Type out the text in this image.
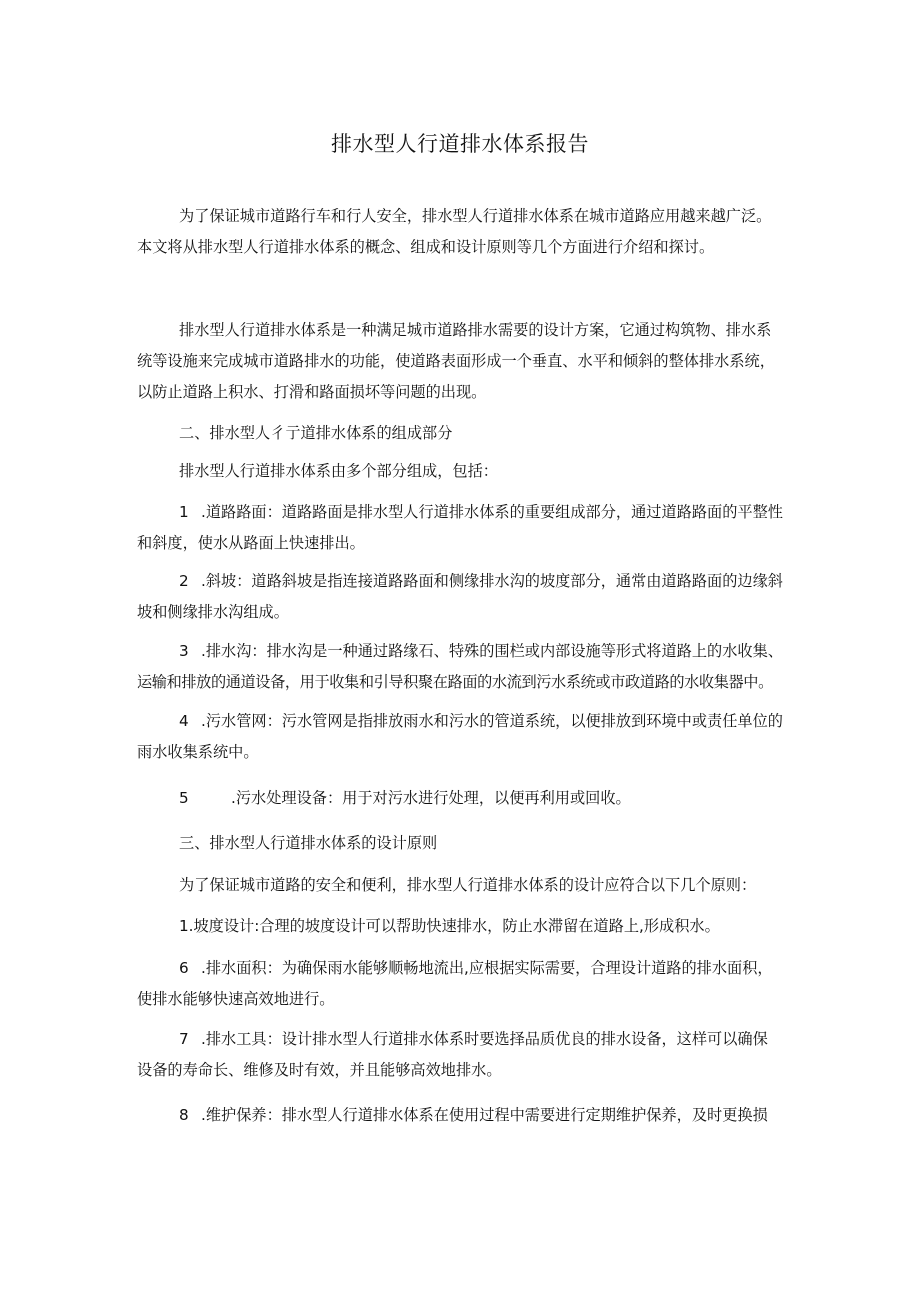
排水型人行道排水体系报告
为了保证城市道路行车和行人安全，排水型人行道排水体系在城市道路应用越来越广泛。
本文将从排水型人行道排水体系的概念、组成和设计原则等几个方面进行介绍和探讨。
排水型人行道排水体系是一种满足城市道路排水需要的设计方案，它通过构筑物、排水系
统等设施来完成城市道路排水的功能，使道路表面形成一个垂直、水平和倾斜的整体排水系统，
以防止道路上积水、打滑和路面损坏等问题的出现。
二、排水型人彳亍道排水体系的组成部分
排水型人行道排水体系由多个部分组成，包括：
1 .道路路面：道路路面是排水型人行道排水体系的重要组成部分，通过道路路面的平整性
和斜度，使水从路面上快速排出。
2 .斜坡：道路斜坡是指连接道路路面和侧缘排水沟的坡度部分，通常由道路路面的边缘斜
坡和侧缘排水沟组成。
3 .排水沟：排水沟是一种通过路缘石、特殊的围栏或内部设施等形式将道路上的水收集、
运输和排放的通道设备，用于收集和引导积聚在路面的水流到污水系统或市政道路的水收集器中。
4 .污水管网：污水管网是指排放雨水和污水的管道系统，以便排放到环境中或责任单位的
雨水收集系统中。
5	.污水处理设备：用于对污水进行处理，以便再利用或回收。
三、排水型人行道排水体系的设计原则
为了保证城市道路的安全和便利，排水型人行道排水体系的设计应符合以下几个原则：
1.坡度设计:合理的坡度设计可以帮助快速排水，防止水滞留在道路上,形成积水。
6 .排水面积：为确保雨水能够顺畅地流出,应根据实际需要，合理设计道路的排水面积，
使排水能够快速高效地进行。
7 .排水工具：设计排水型人行道排水体系时要选择品质优良的排水设备，这样可以确保
设备的寿命长、维修及时有效，并且能够高效地排水。
8 .维护保养：排水型人行道排水体系在使用过程中需要进行定期维护保养，及时更换损
